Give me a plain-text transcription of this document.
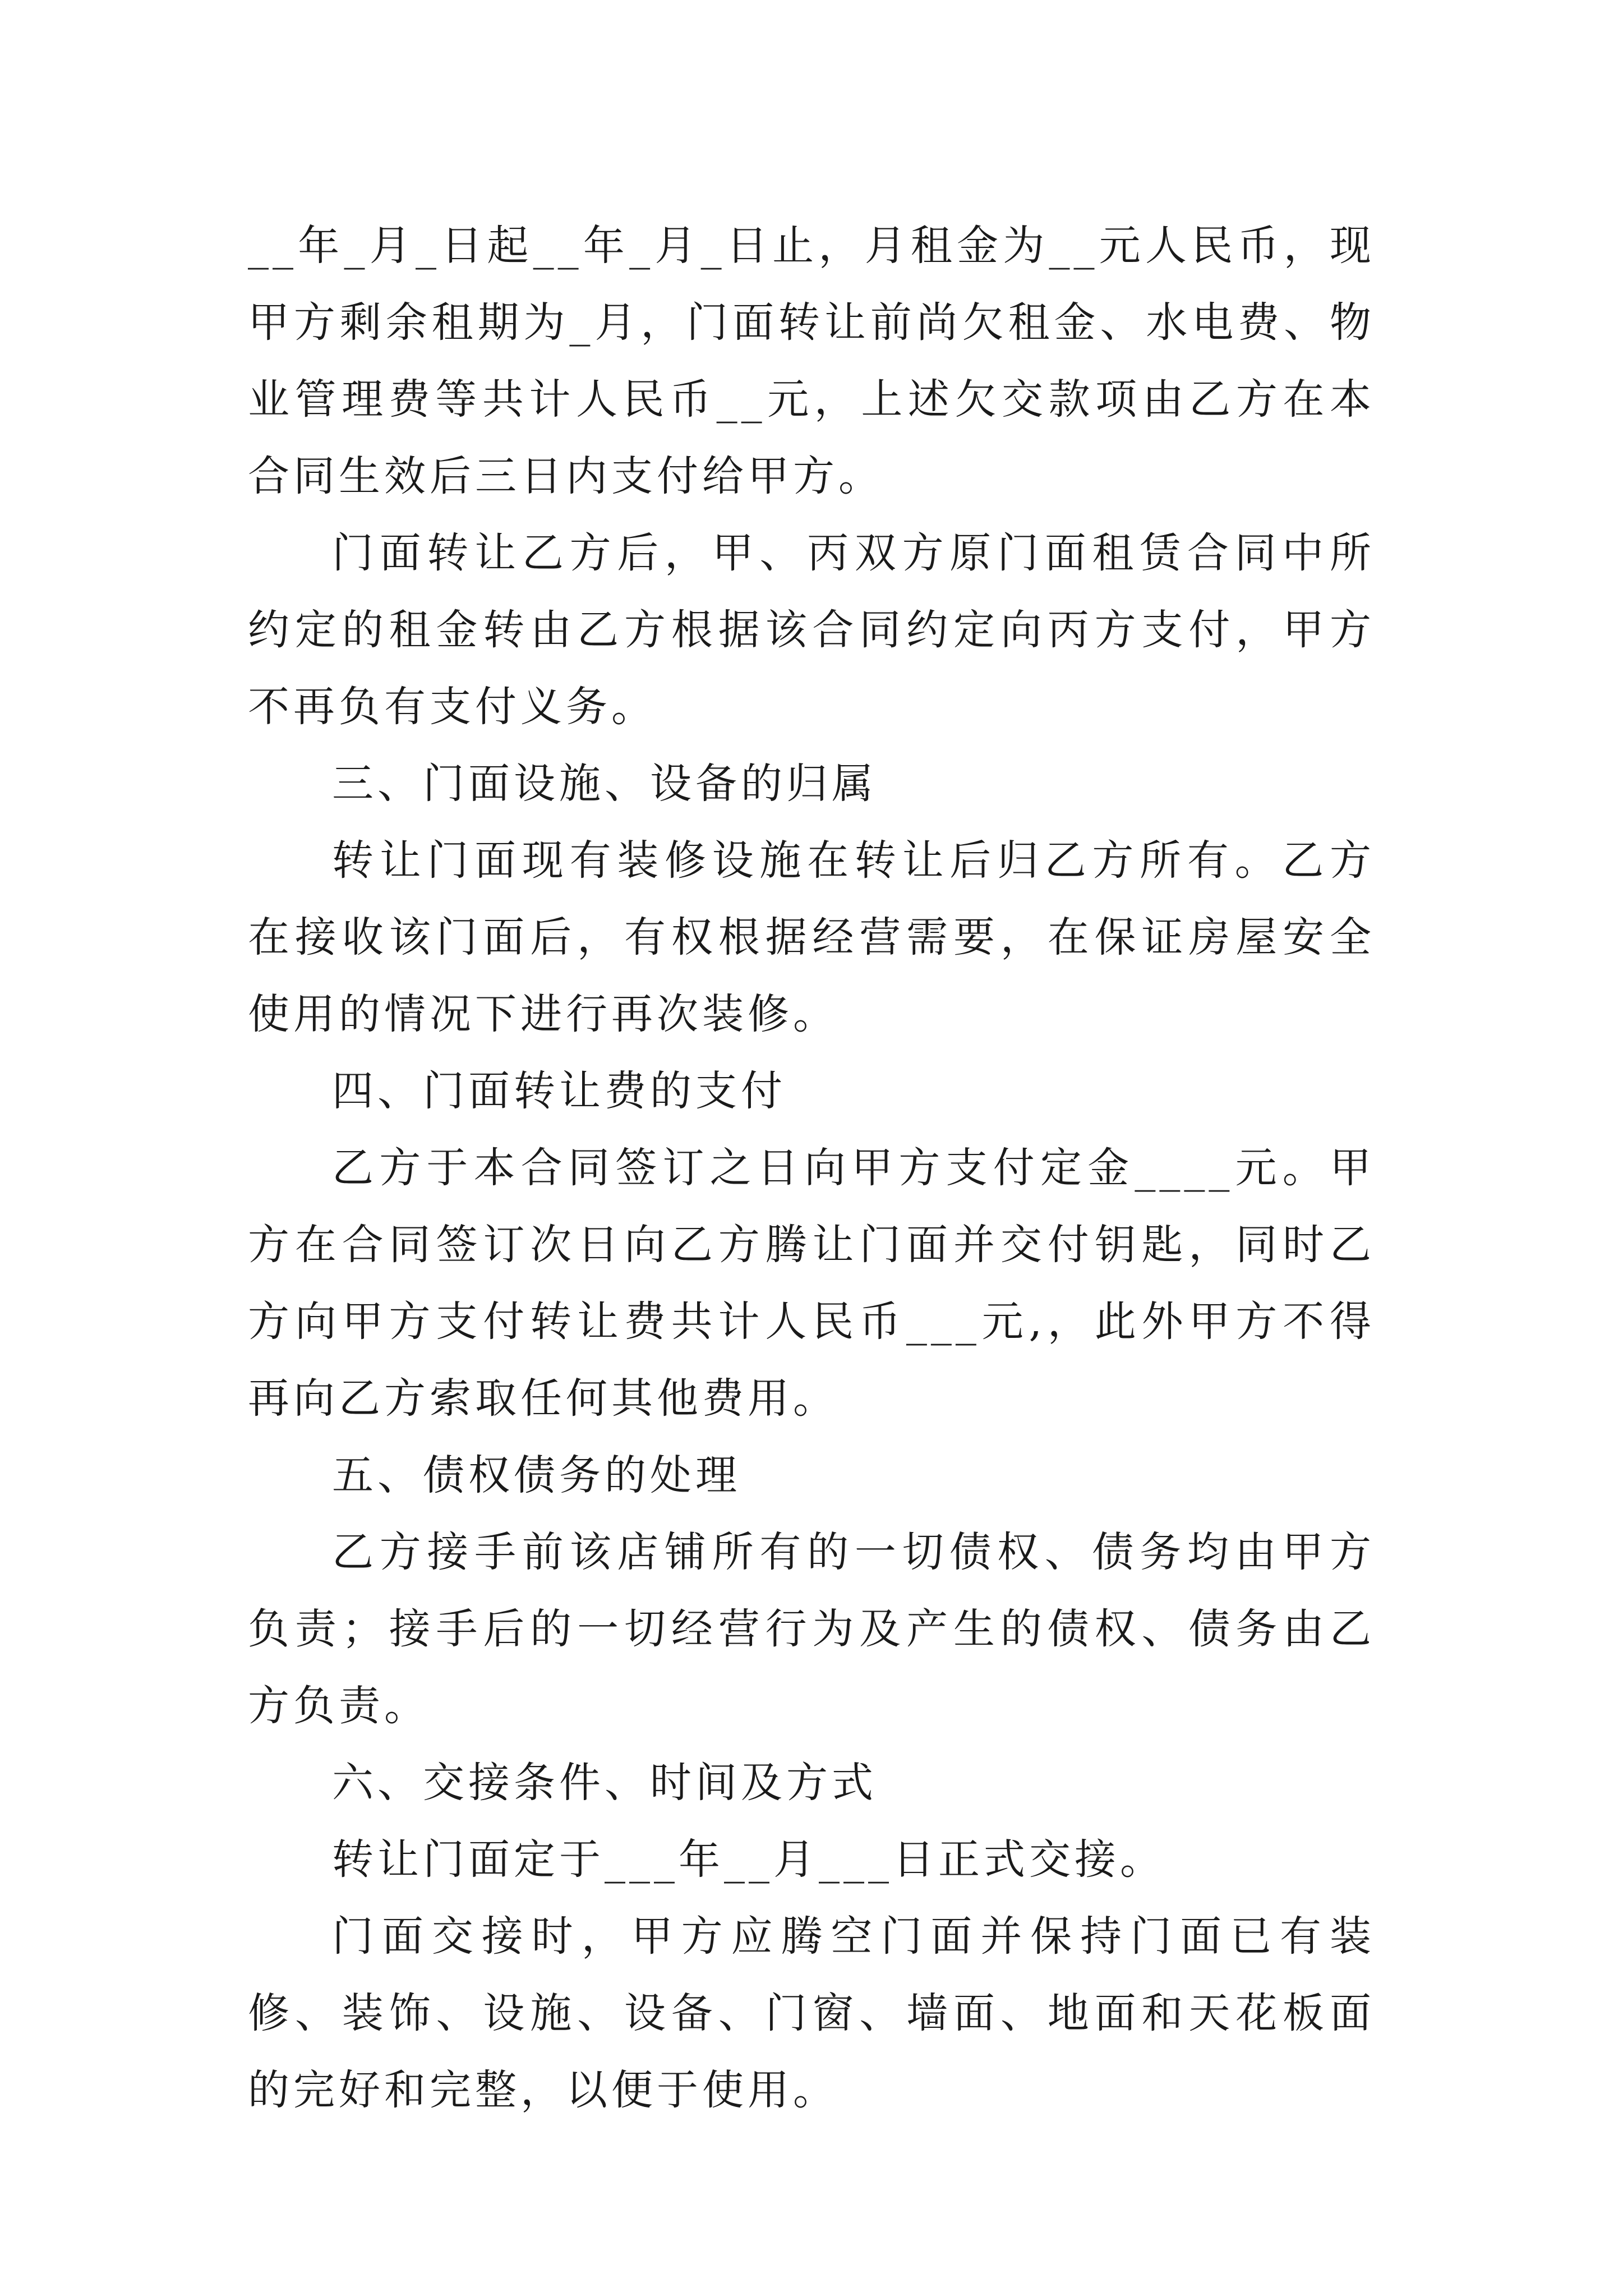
__年_月_日起__年_月_日止，月租金为__元人民币，现甲方剩余租期为_月，门面转让前尚欠租金、水电费、物业管理费等共计人民币__元，上述欠交款项由乙方在本合同生效后三日内支付给甲方。

门面转让乙方后，甲、丙双方原门面租赁合同中所约定的租金转由乙方根据该合同约定向丙方支付，甲方不再负有支付义务。

三、门面设施、设备的归属

转让门面现有装修设施在转让后归乙方所有。乙方在接收该门面后，有权根据经营需要，在保证房屋安全使用的情况下进行再次装修。

四、门面转让费的支付

乙方于本合同签订之日向甲方支付定金____元。甲方在合同签订次日向乙方腾让门面并交付钥匙，同时乙方向甲方支付转让费共计人民币___元,，此外甲方不得再向乙方索取任何其他费用。

五、债权债务的处理

乙方接手前该店铺所有的一切债权、债务均由甲方负责；接手后的一切经营行为及产生的债权、债务由乙方负责。

六、交接条件、时间及方式

转让门面定于___年__月___日正式交接。

门面交接时，甲方应腾空门面并保持门面已有装修、装饰、设施、设备、门窗、墙面、地面和天花板面的完好和完整，以便于使用。
